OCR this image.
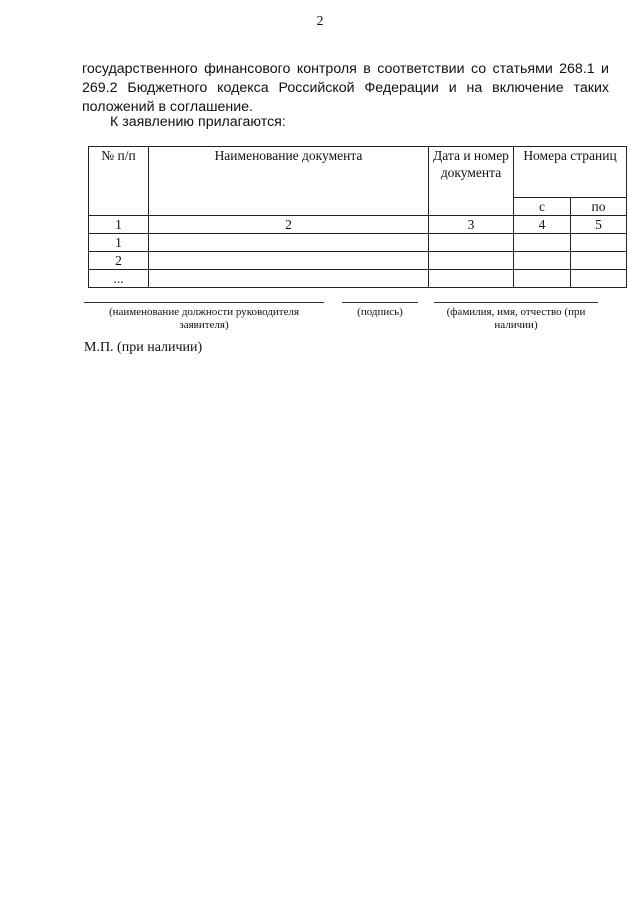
2
государственного финансового контроля в соответствии со статьями 268.1 и 269.2 Бюджетного кодекса Российской Федерации и на включение таких положений в соглашение.
К заявлению прилагаются:
№ п/п	Наименование документа	Дата и номер документа	Номера страниц	
			с	по
1	2	3	4	5
1				
2				
...				
(наименование должности руководителя заявителя)
(подпись)	(фамилия, имя, отчество (при наличии)
М.П. (при наличии)
